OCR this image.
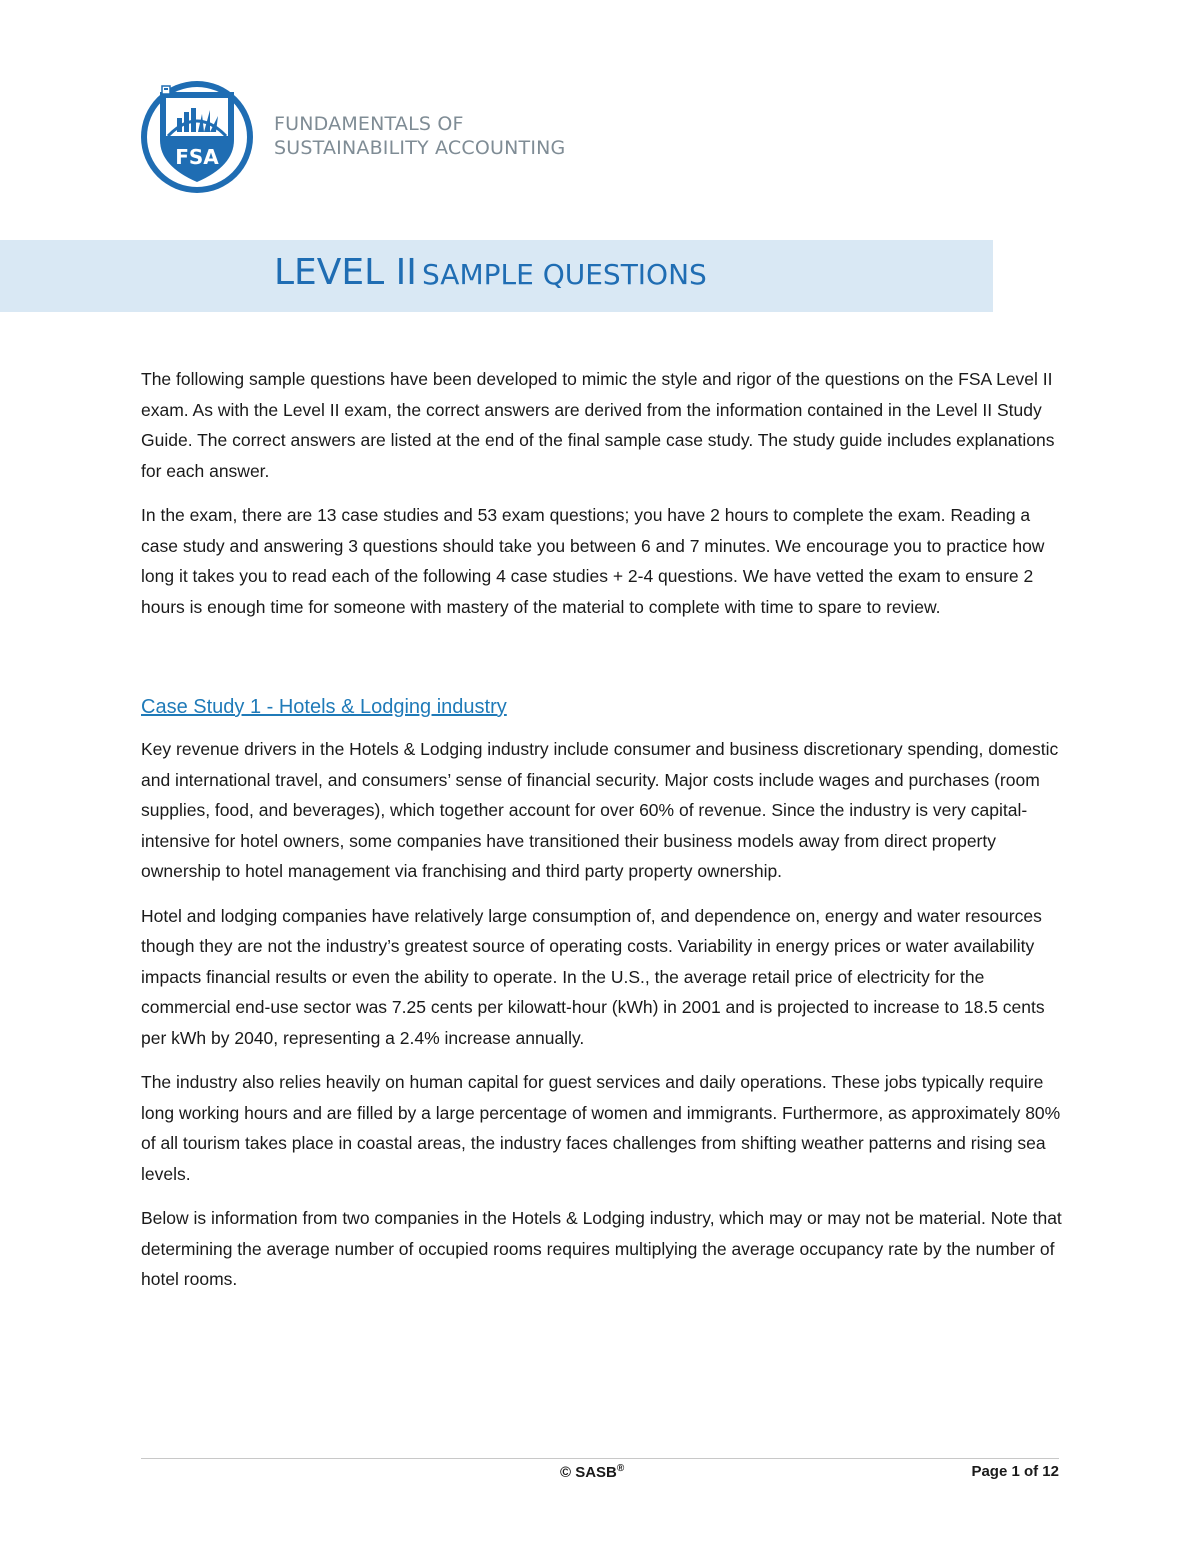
FSA
FUNDAMENTALS OF
SUSTAINABILITY ACCOUNTING
LEVEL II SAMPLE QUESTIONS

The following sample questions have been developed to mimic the style and rigor of the questions on the FSA Level II exam. As with the Level II exam, the correct answers are derived from the information contained in the Level II Study Guide. The correct answers are listed at the end of the final sample case study. The study guide includes explanations for each answer.

In the exam, there are 13 case studies and 53 exam questions; you have 2 hours to complete the exam. Reading a case study and answering 3 questions should take you between 6 and 7 minutes. We encourage you to practice how long it takes you to read each of the following 4 case studies + 2-4 questions. We have vetted the exam to ensure 2 hours is enough time for someone with mastery of the material to complete with time to spare to review.

Case Study 1 - Hotels & Lodging industry

Key revenue drivers in the Hotels & Lodging industry include consumer and business discretionary spending, domestic and international travel, and consumers’ sense of financial security. Major costs include wages and purchases (room supplies, food, and beverages), which together account for over 60% of revenue. Since the industry is very capital-intensive for hotel owners, some companies have transitioned their business models away from direct property ownership to hotel management via franchising and third party property ownership.

Hotel and lodging companies have relatively large consumption of, and dependence on, energy and water resources though they are not the industry’s greatest source of operating costs. Variability in energy prices or water availability impacts financial results or even the ability to operate. In the U.S., the average retail price of electricity for the commercial end-use sector was 7.25 cents per kilowatt-hour (kWh) in 2001 and is projected to increase to 18.5 cents per kWh by 2040, representing a 2.4% increase annually.

The industry also relies heavily on human capital for guest services and daily operations. These jobs typically require long working hours and are filled by a large percentage of women and immigrants. Furthermore, as approximately 80% of all tourism takes place in coastal areas, the industry faces challenges from shifting weather patterns and rising sea levels.

Below is information from two companies in the Hotels & Lodging industry, which may or may not be material. Note that determining the average number of occupied rooms requires multiplying the average occupancy rate by the number of hotel rooms.

© SASB®	Page 1 of 12
